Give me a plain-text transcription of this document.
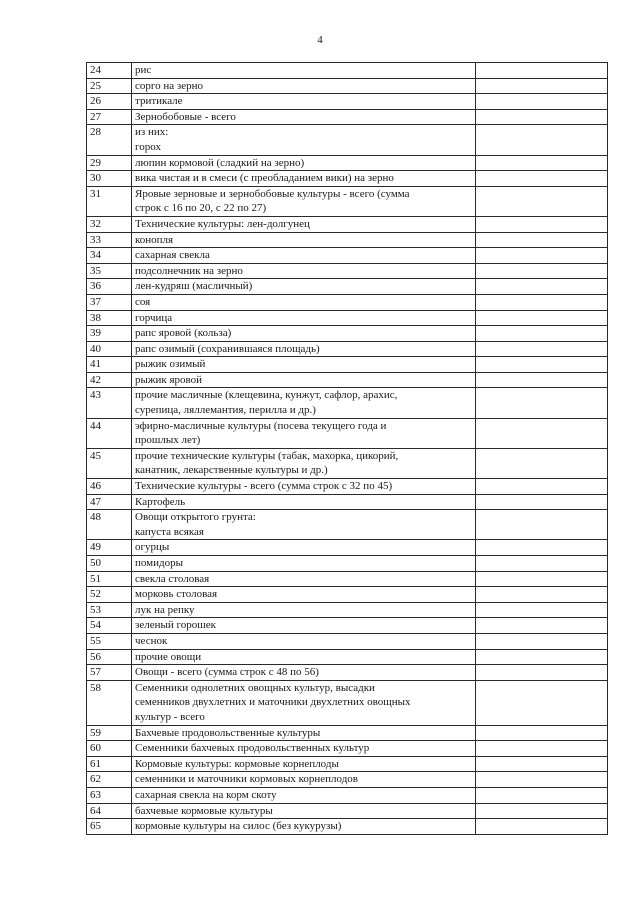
4
24	рис	

25	сорго на зерно	

26	тритикале	

27	Зернобобовые - всего	

28	из них:
горох	

29	люпин кормовой (сладкий на зерно)	

30	вика чистая и в смеси (с преобладанием вики) на зерно	

31	Яровые зерновые и зернобобовые культуры - всего (сумма
строк с 16 по 20, с 22 по 27)	

32	Технические культуры: лен-долгунец	

33	конопля	

34	сахарная свекла	

35	подсолнечник на зерно	

36	лен-кудряш (масличный)	

37	соя	

38	горчица	

39	рапс яровой (кольза)	

40	рапс озимый (сохранившаяся площадь)	

41	рыжик озимый	

42	рыжик яровой	

43	прочие масличные (клещевина, кунжут, сафлор, арахис,
сурепица, ляллемантия, перилла и др.)	

44	эфирно-масличные культуры (посева текущего года и
прошлых лет)	

45	прочие технические культуры (табак, махорка, цикорий,
канатник, лекарственные культуры и др.)	

46	Технические культуры - всего (сумма строк с 32 по 45)	

47	Картофель	

48	Овощи открытого грунта:
капуста всякая	

49	огурцы	

50	помидоры	

51	свекла столовая	

52	морковь столовая	

53	лук на репку	

54	зеленый горошек	

55	чеснок	

56	прочие овощи	

57	Овощи - всего (сумма строк с 48 по 56)	

58	Семенники однолетних овощных культур, высадки
семенников двухлетних и маточники двухлетних овощных
культур - всего	

59	Бахчевые продовольственные культуры	

60	Семенники бахчевых продовольственных культур	

61	Кормовые культуры: кормовые корнеплоды	

62	семенники и маточники кормовых корнеплодов	

63	сахарная свекла на корм скоту	

64	бахчевые кормовые культуры	

65	кормовые культуры на силос (без кукурузы)	
